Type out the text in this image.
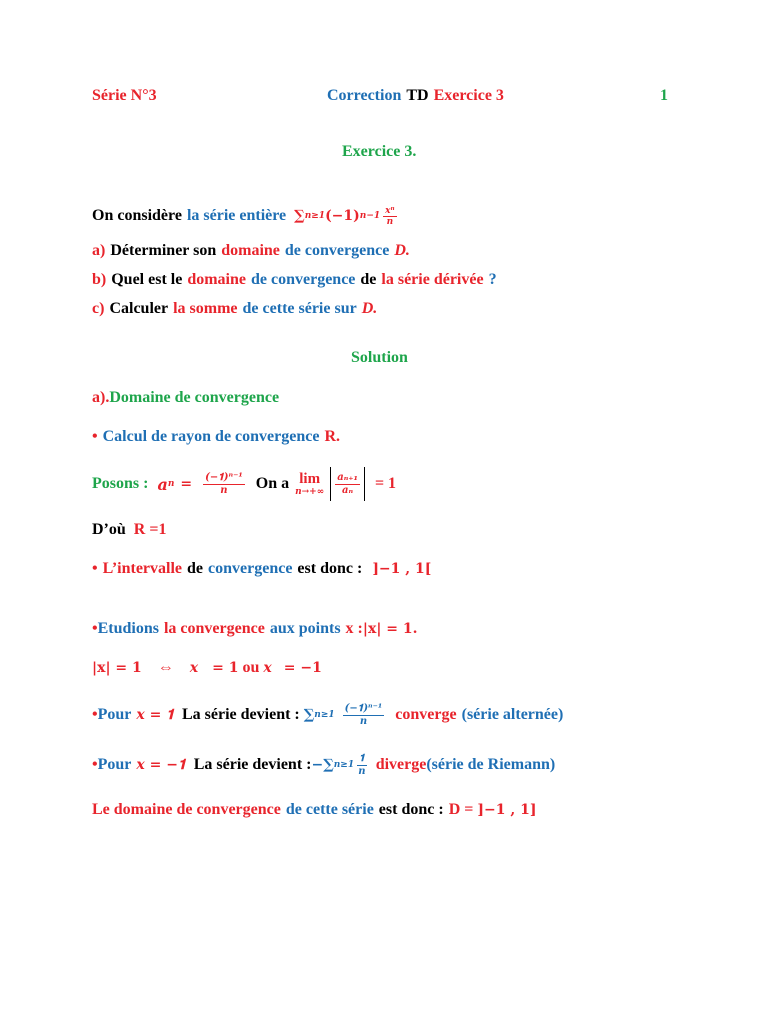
Série N°3	Correction TD Exercice 3	1
Exercice 3.
On considère la série entière ∑ n≥1 (−𝟏) $n-1 \frac{\text{xⁿ}}{n}$
a) Déterminer son domaine de convergence D.
b) Quel est le domaine de convergence de la série dérivée ?
c) Calculer la somme de cette série sur D.
Solution
a). Domaine de convergence
• Calcul de rayon de convergence R.
Posons : a $n = \frac{\text{(−𝟏)ⁿ⁻¹}}{n}$ On a lim
$n\to+\infty \frac{\text{aₙ₊₁}}{\text{aₙ}} = 1$
D’où R =1
• L’ intervalle de convergence est donc : ]−𝟏 , 𝟏[
• Etudions la convergence aux points x : |x| = 𝟏.
|x| = 𝟏 ⇔ x = 𝟏 ou x = −𝟏
• Pour x = 𝟏 La série devient : ∑ $n\ge 1 \frac{\text{(−𝟏)ⁿ⁻¹}}{n}$ converge (série alternée)
• Pour x = −𝟏 La série devient : − ∑ $n\ge 1 \frac{𝟏}{n}$ diverge (série de Riemann)
Le domaine de convergence de cette série est donc : D = ]−𝟏 , 𝟏]
